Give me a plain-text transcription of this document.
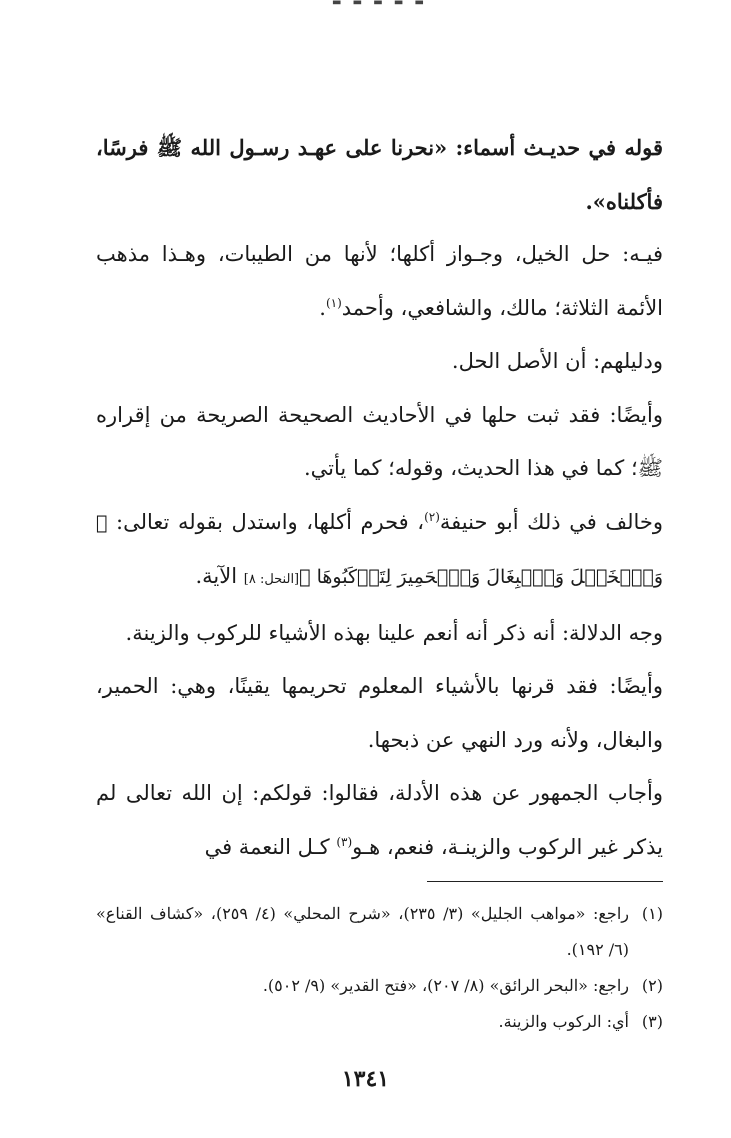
▬ ▬ ▬ ▬ ▬

قوله في حديـث أسماء: «نحرنا على عهـد رسـول الله ﷺ فرسًا، فأكلناه».

فيـه: حل الخيل، وجـواز أكلها؛ لأنها من الطيبات، وهـذا مذهب الأئمة الثلاثة؛ مالك، والشافعي، وأحمد$^{(١)}$.

ودليلهم: أن الأصل الحل.

وأيضًا: فقد ثبت حلها في الأحاديث الصحيحة الصريحة من إقراره ﷺ؛ كما في هذا الحديث، وقوله؛ كما يأتي.

وخالف في ذلك أبو حنيفة$^{(٢)}$، فحرم أكلها، واستدل بقوله تعالى: ﴿ وَٱلۡخَيۡلَ وَٱلۡبِغَالَ وَٱلۡحَمِيرَ لِتَرۡكَبُوهَا ﴾[النحل: ٨] الآية.

وجه الدلالة: أنه ذكر أنه أنعم علينا بهذه الأشياء للركوب والزينة.

وأيضًا: فقد قرنها بالأشياء المعلوم تحريمها يقينًا، وهي: الحمير، والبغال، ولأنه ورد النهي عن ذبحها.

وأجاب الجمهور عن هذه الأدلة، فقالوا: قولكم: إن الله تعالى لم يذكر غير الركوب والزينـة، فنعم، هـو$^{(٣)}$ كـل النعمة في

(١)
راجع: «مواهب الجليل» (٣/ ٢٣٥)، «شرح المحلي» (٤/ ٢٥٩)، «كشاف القناع» (٦/ ١٩٢).

(٢)
راجع: «البحر الرائق» (٨/ ٢٠٧)، «فتح القدير» (٩/ ٥٠٢).

(٣)
أي: الركوب والزينة.

١٣٤١
